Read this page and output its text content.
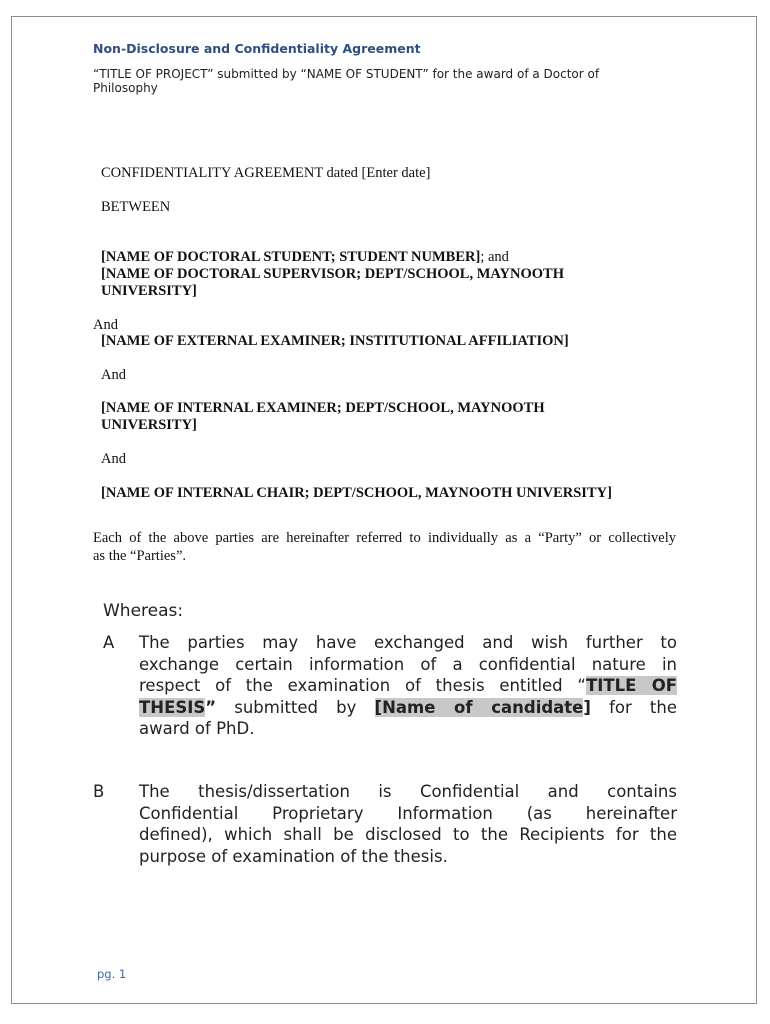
Non-Disclosure and Confidentiality Agreement

“TITLE OF PROJECT” submitted by “NAME OF STUDENT” for the award of a Doctor of Philosophy

CONFIDENTIALITY AGREEMENT dated [Enter date]

BETWEEN

[NAME OF DOCTORAL STUDENT; STUDENT NUMBER]; and

[NAME OF DOCTORAL SUPERVISOR; DEPT/SCHOOL, MAYNOOTH

UNIVERSITY]

And

[NAME OF EXTERNAL EXAMINER; INSTITUTIONAL AFFILIATION]

And

[NAME OF INTERNAL EXAMINER; DEPT/SCHOOL, MAYNOOTH

UNIVERSITY]

And

[NAME OF INTERNAL CHAIR; DEPT/SCHOOL, MAYNOOTH UNIVERSITY]

Each of the above parties are hereinafter referred to individually as a “Party” or collectively

as the “Parties”.

Whereas:

A The parties may have exchanged and wish further to
exchange certain information of a confidential nature in
respect of the examination of thesis entitled “TITLE OF
THESIS” submitted by [Name of candidate] for the
award of PhD.

B The thesis/dissertation is Confidential and contains
Confidential Proprietary Information (as hereinafter
defined), which shall be disclosed to the Recipients for the
purpose of examination of the thesis.

pg. 1
